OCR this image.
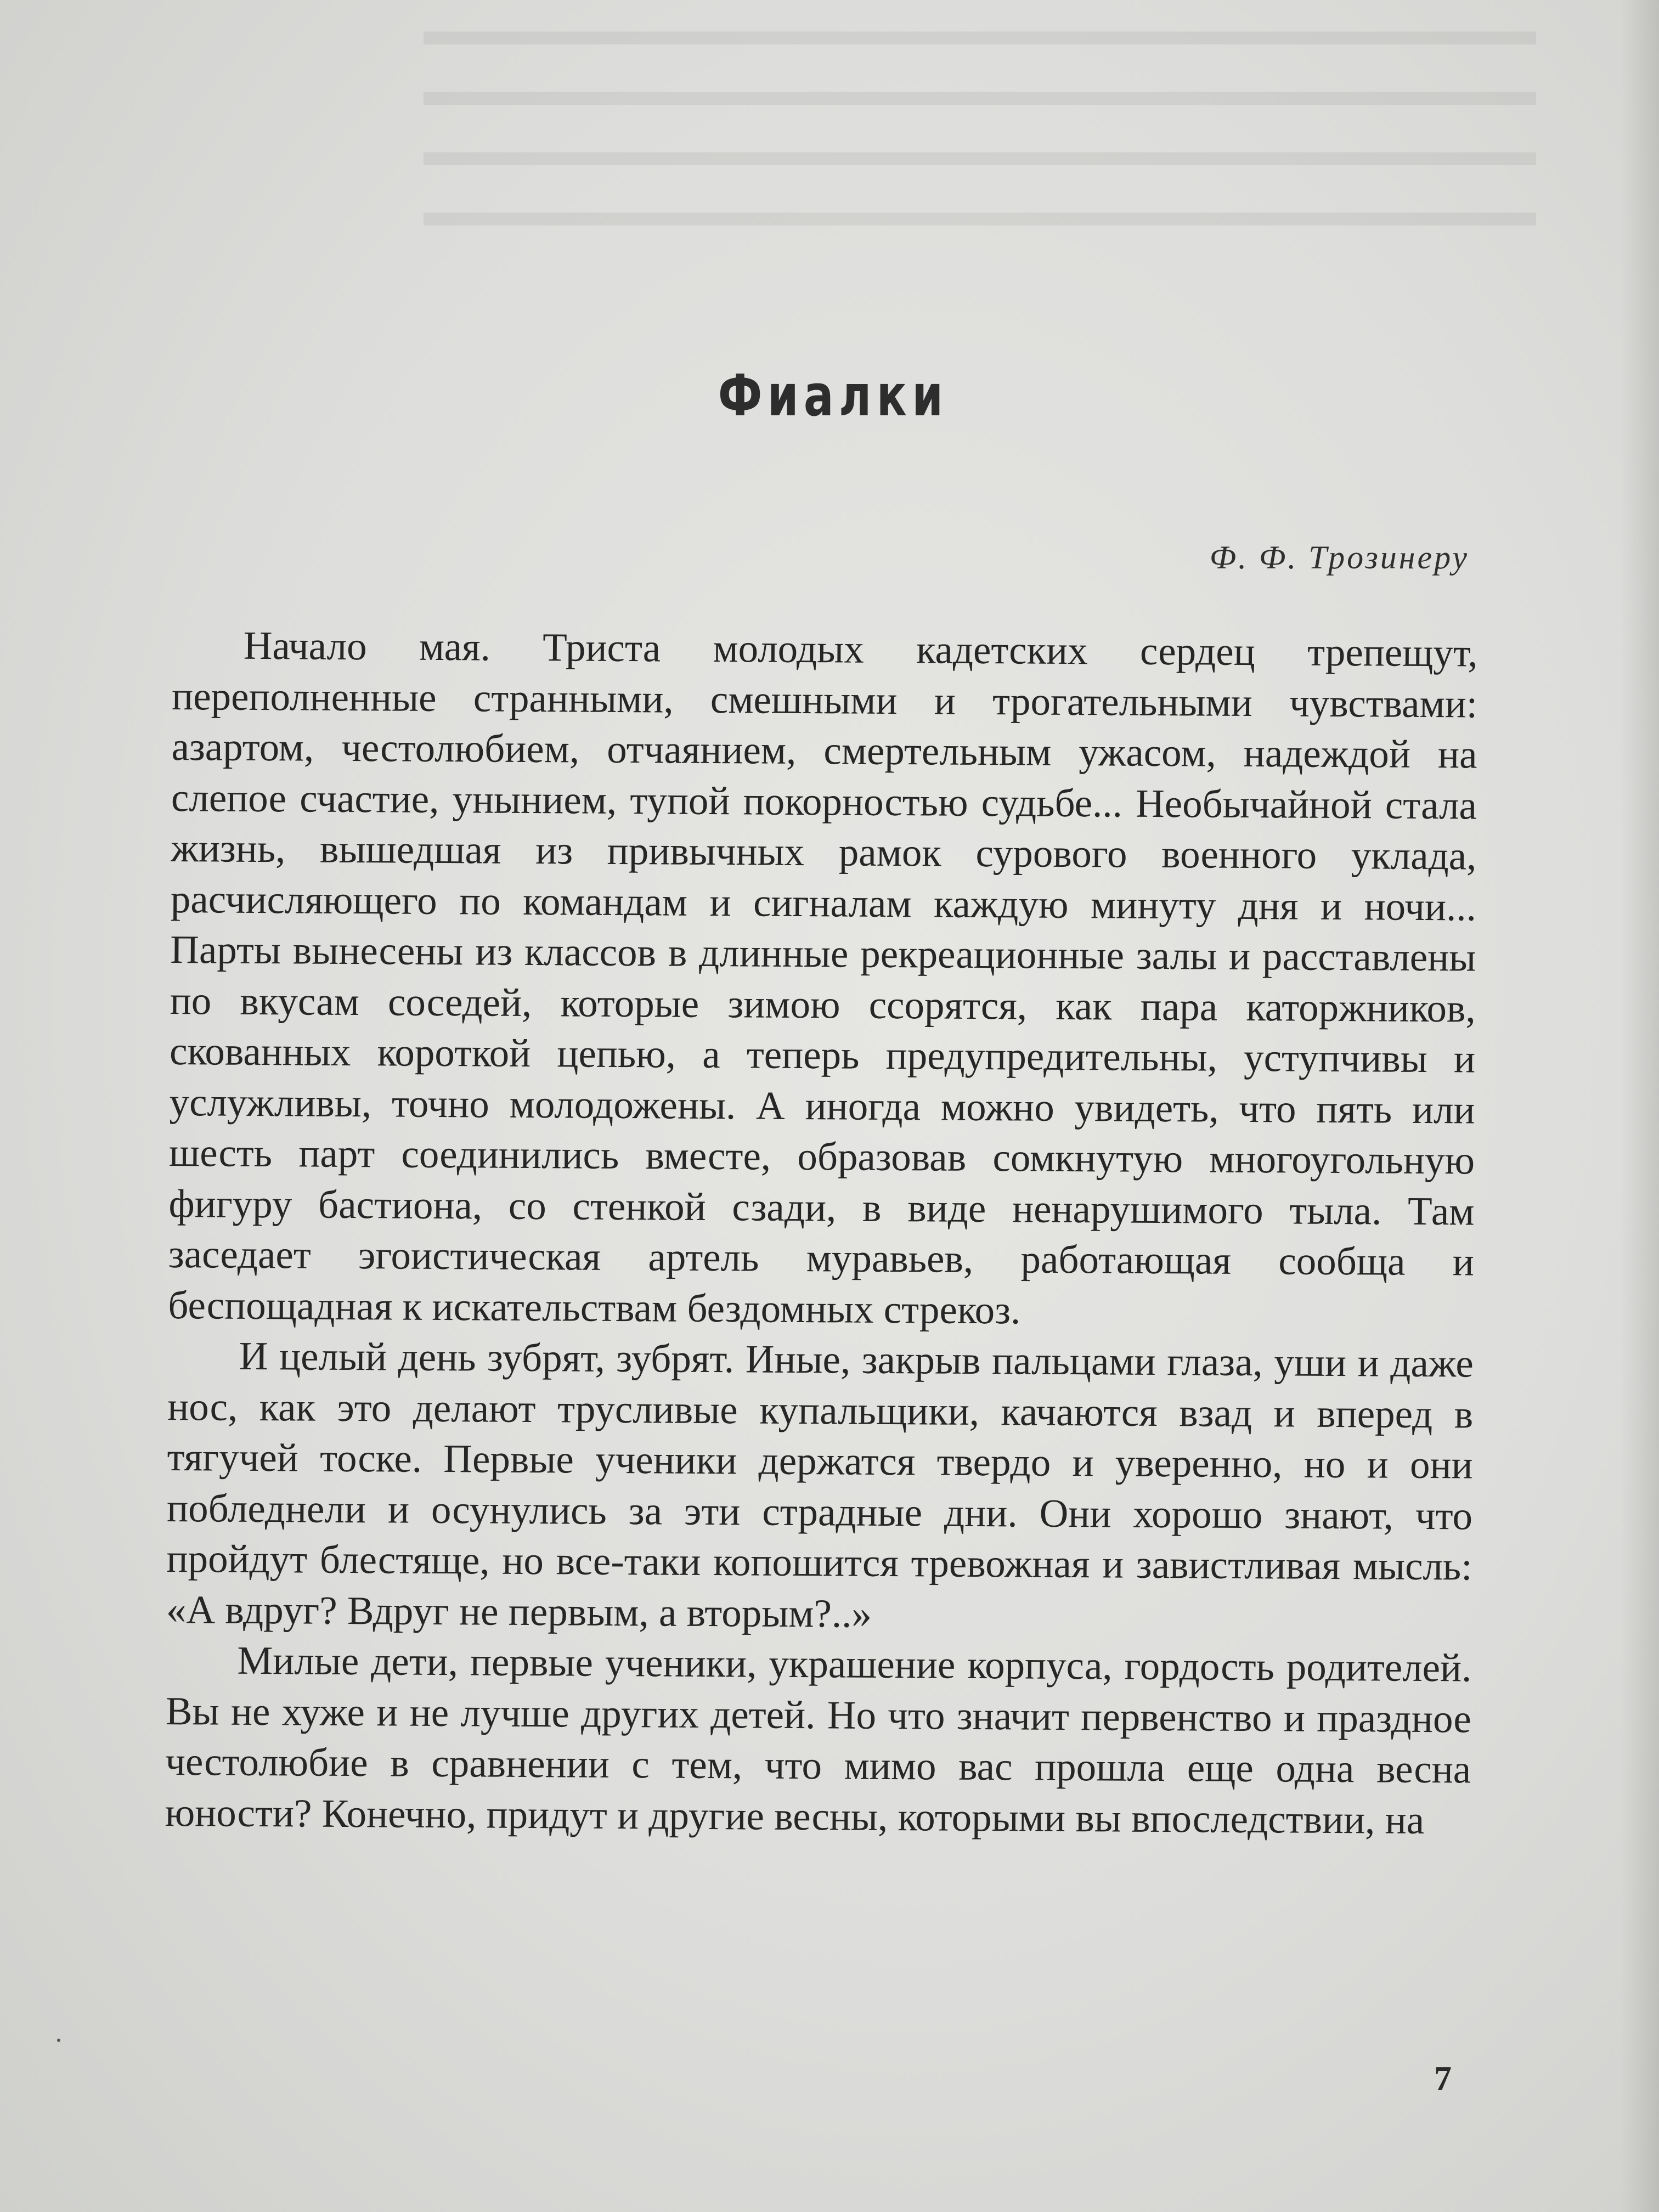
▬▬▬▬▬▬▬▬▬▬▬▬▬▬▬▬▬▬▬▬▬▬▬▬▬▬
▬▬▬▬▬▬▬▬▬▬▬▬▬▬▬▬▬▬▬▬▬▬▬▬▬▬
▬▬▬▬▬▬▬▬▬▬▬▬▬▬▬▬▬▬▬▬▬▬▬▬▬▬
▬▬▬▬▬▬▬▬▬▬▬▬▬▬▬▬▬▬▬▬▬▬▬▬▬▬
Фиалки
Ф. Ф. Трозинеру

Начало мая. Триста молодых кадетских сердец трепещут, переполненные странными, смешными и трогательными чувствами: азартом, честолюбием, отчаянием, смертельным ужасом, надеждой на слепое счастие, унынием, тупой покорностью судьбе... Необычайной стала жизнь, вышедшая из привычных рамок сурового военного уклада, расчисляющего по командам и сигналам каждую минуту дня и ночи... Парты вынесены из классов в длинные рекреационные залы и расставлены по вкусам соседей, которые зимою ссорятся, как пара каторжников, скованных короткой цепью, а теперь предупредительны, уступчивы и услужливы, точно молодожены. А иногда можно увидеть, что пять или шесть парт соединились вместе, образовав сомкнутую многоугольную фигуру бастиона, со стенкой сзади, в виде ненарушимого тыла. Там заседает эгоистическая артель муравьев, работающая сообща и беспощадная к искательствам бездомных стрекоз.

И целый день зубрят, зубрят. Иные, закрыв пальцами глаза, уши и даже нос, как это делают трусливые купальщики, качаются взад и вперед в тягучей тоске. Первые ученики держатся твердо и уверенно, но и они побледнели и осунулись за эти страдные дни. Они хорошо знают, что пройдут блестяще, но все-таки копошится тревожная и завистливая мысль: «А вдруг? Вдруг не первым, а вторым?..»

Милые дети, первые ученики, украшение корпуса, гордость родителей. Вы не хуже и не лучше других детей. Но что значит первенство и праздное честолюбие в сравнении с тем, что мимо вас прошла еще одна весна юности? Конечно, придут и другие весны, которыми вы впоследствии, на

7
